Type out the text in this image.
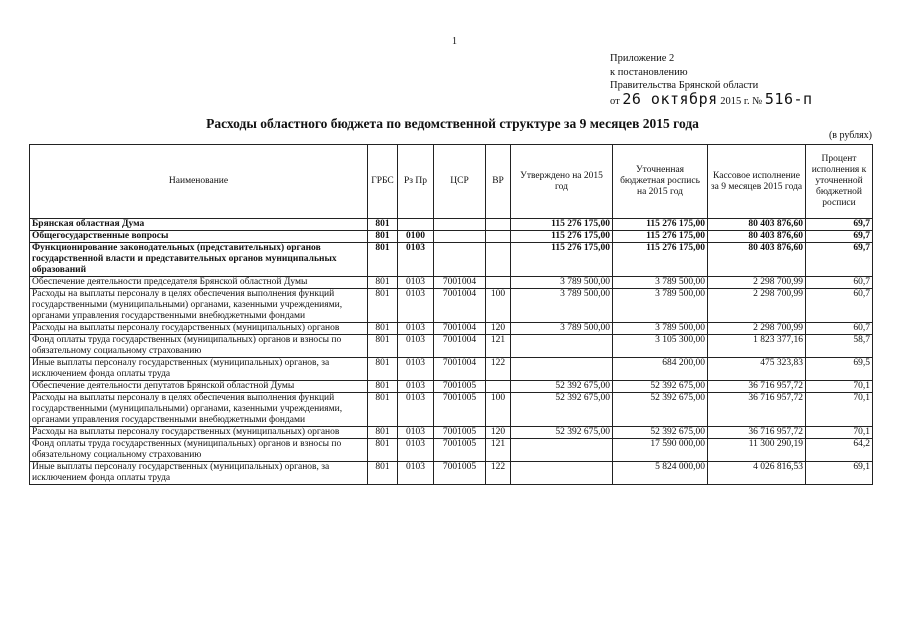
1
Приложение 2
к постановлению
Правительства Брянской области
от 26 октября 2015 г. № 516-п
Расходы областного бюджета по ведомственной структуре за 9 месяцев 2015 года
(в рублях)
Наименование	ГРБС	Рз Пр	ЦСР	ВР	Утверждено на 2015 год	Уточненная бюджетная роспись на 2015 год	Кассовое исполнение за 9 месяцев 2015 года	Процент исполнения к уточненной бюджетной росписи
Брянская областная Дума	801				115 276 175,00	115 276 175,00	80 403 876,60	69,7
Общегосударственные вопросы	801	0100			115 276 175,00	115 276 175,00	80 403 876,60	69,7
Функционирование законодательных (представительных) органов государственной власти и представительных органов муниципальных образований	801	0103			115 276 175,00	115 276 175,00	80 403 876,60	69,7
Обеспечение деятельности председателя Брянской областной Думы	801	0103	7001004		3 789 500,00	3 789 500,00	2 298 700,99	60,7
Расходы на выплаты персоналу в целях обеспечения выполнения функций государственными (муниципальными) органами, казенными учреждениями, органами управления государственными внебюджетными фондами	801	0103	7001004	100	3 789 500,00	3 789 500,00	2 298 700,99	60,7
Расходы на выплаты персоналу государственных (муниципальных) органов	801	0103	7001004	120	3 789 500,00	3 789 500,00	2 298 700,99	60,7
Фонд оплаты труда государственных (муниципальных) органов и взносы по обязательному социальному страхованию	801	0103	7001004	121		3 105 300,00	1 823 377,16	58,7
Иные выплаты персоналу государственных (муниципальных) органов, за исключением фонда оплаты труда	801	0103	7001004	122		684 200,00	475 323,83	69,5
Обеспечение деятельности депутатов Брянской областной Думы	801	0103	7001005		52 392 675,00	52 392 675,00	36 716 957,72	70,1
Расходы на выплаты персоналу в целях обеспечения выполнения функций государственными (муниципальными) органами, казенными учреждениями, органами управления государственными внебюджетными фондами	801	0103	7001005	100	52 392 675,00	52 392 675,00	36 716 957,72	70,1
Расходы на выплаты персоналу государственных (муниципальных) органов	801	0103	7001005	120	52 392 675,00	52 392 675,00	36 716 957,72	70,1
Фонд оплаты труда государственных (муниципальных) органов и взносы по обязательному социальному страхованию	801	0103	7001005	121		17 590 000,00	11 300 290,19	64,2
Иные выплаты персоналу государственных (муниципальных) органов, за исключением фонда оплаты труда	801	0103	7001005	122		5 824 000,00	4 026 816,53	69,1
